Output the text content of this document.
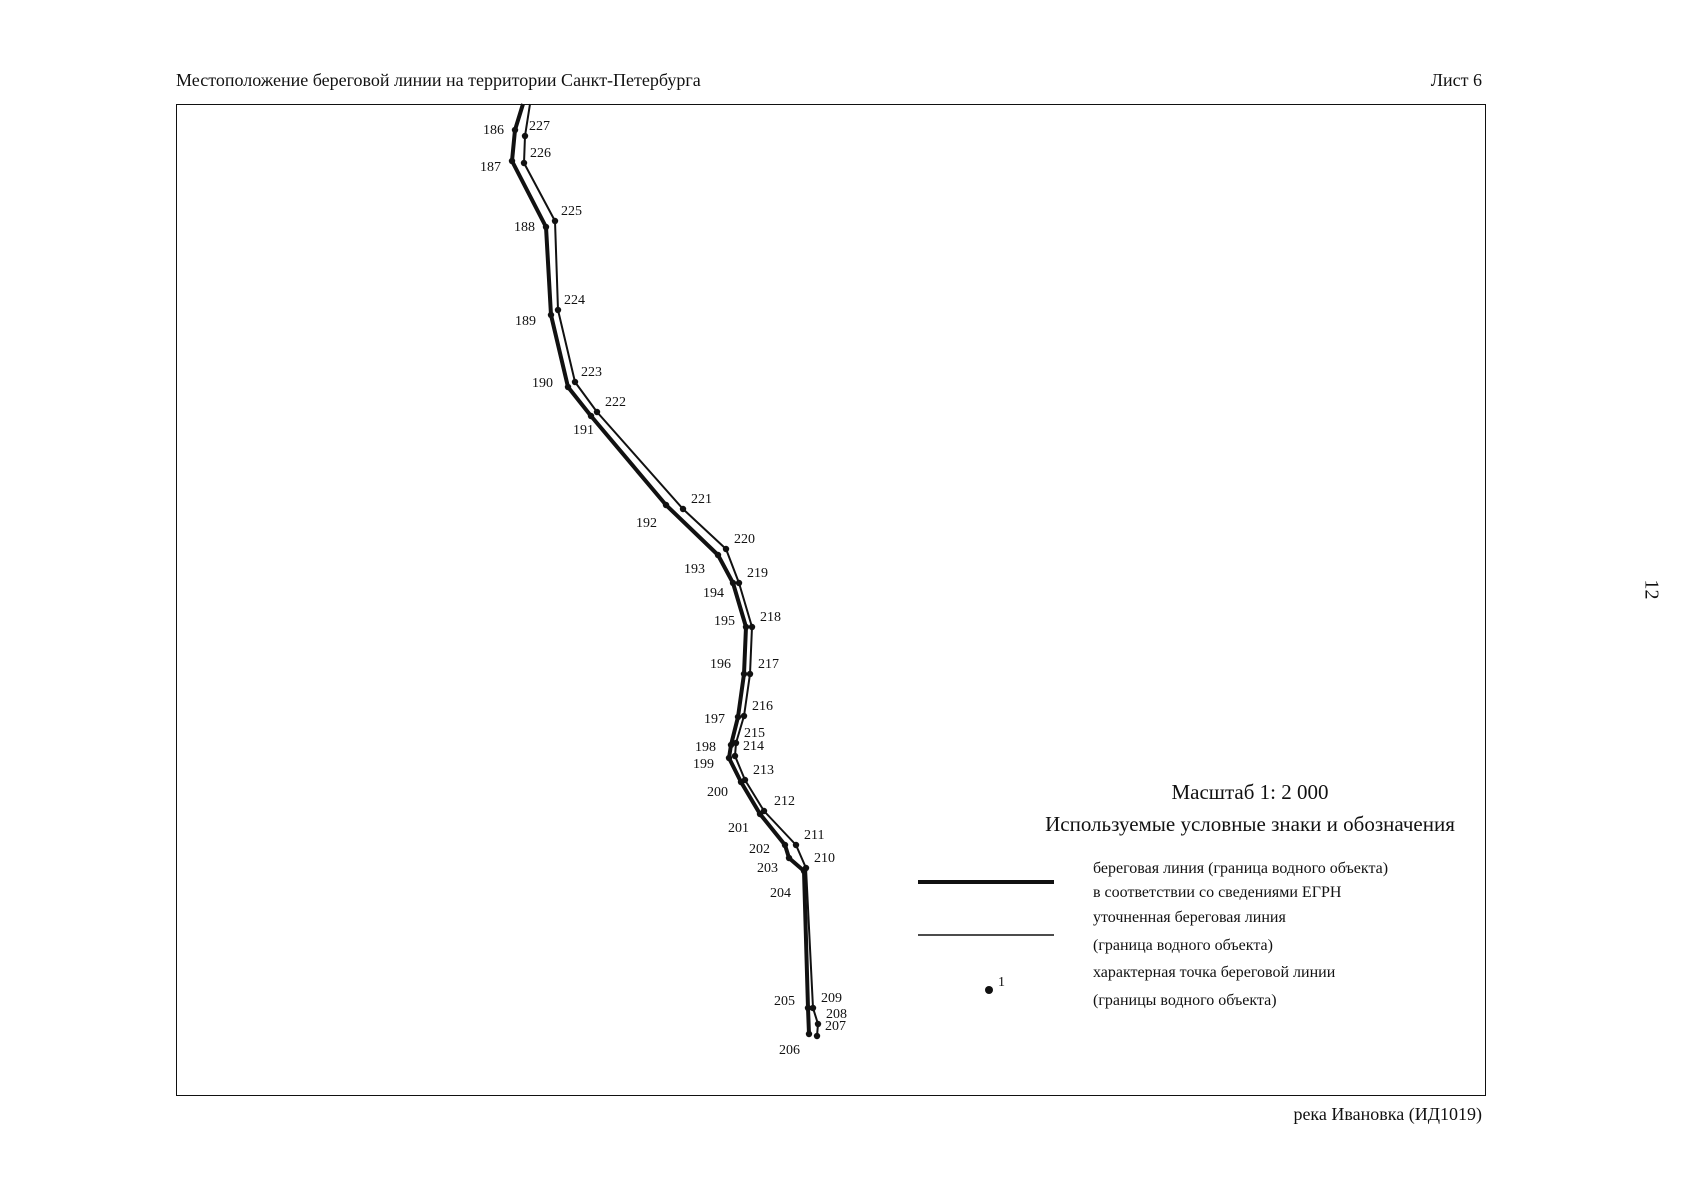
Местоположение береговой линии на территории Санкт-Петербурга	Лист 6
12
186
187
188
189
190
191
192
193
194
195
196
197
198
199
200
201
202
203
204
205
206
227
226
225
224
223
222
221
220
219
218
217
216
215
214
213
212
211
210
209
208
207
1
Масштаб 1: 2 000
Используемые условные знаки и обозначения
береговая линия (граница водного объекта)
в соответствии со сведениями ЕГРН
уточненная береговая линия
(граница водного объекта)
характерная точка береговой линии
(границы водного объекта)
река Ивановка (ИД1019)
